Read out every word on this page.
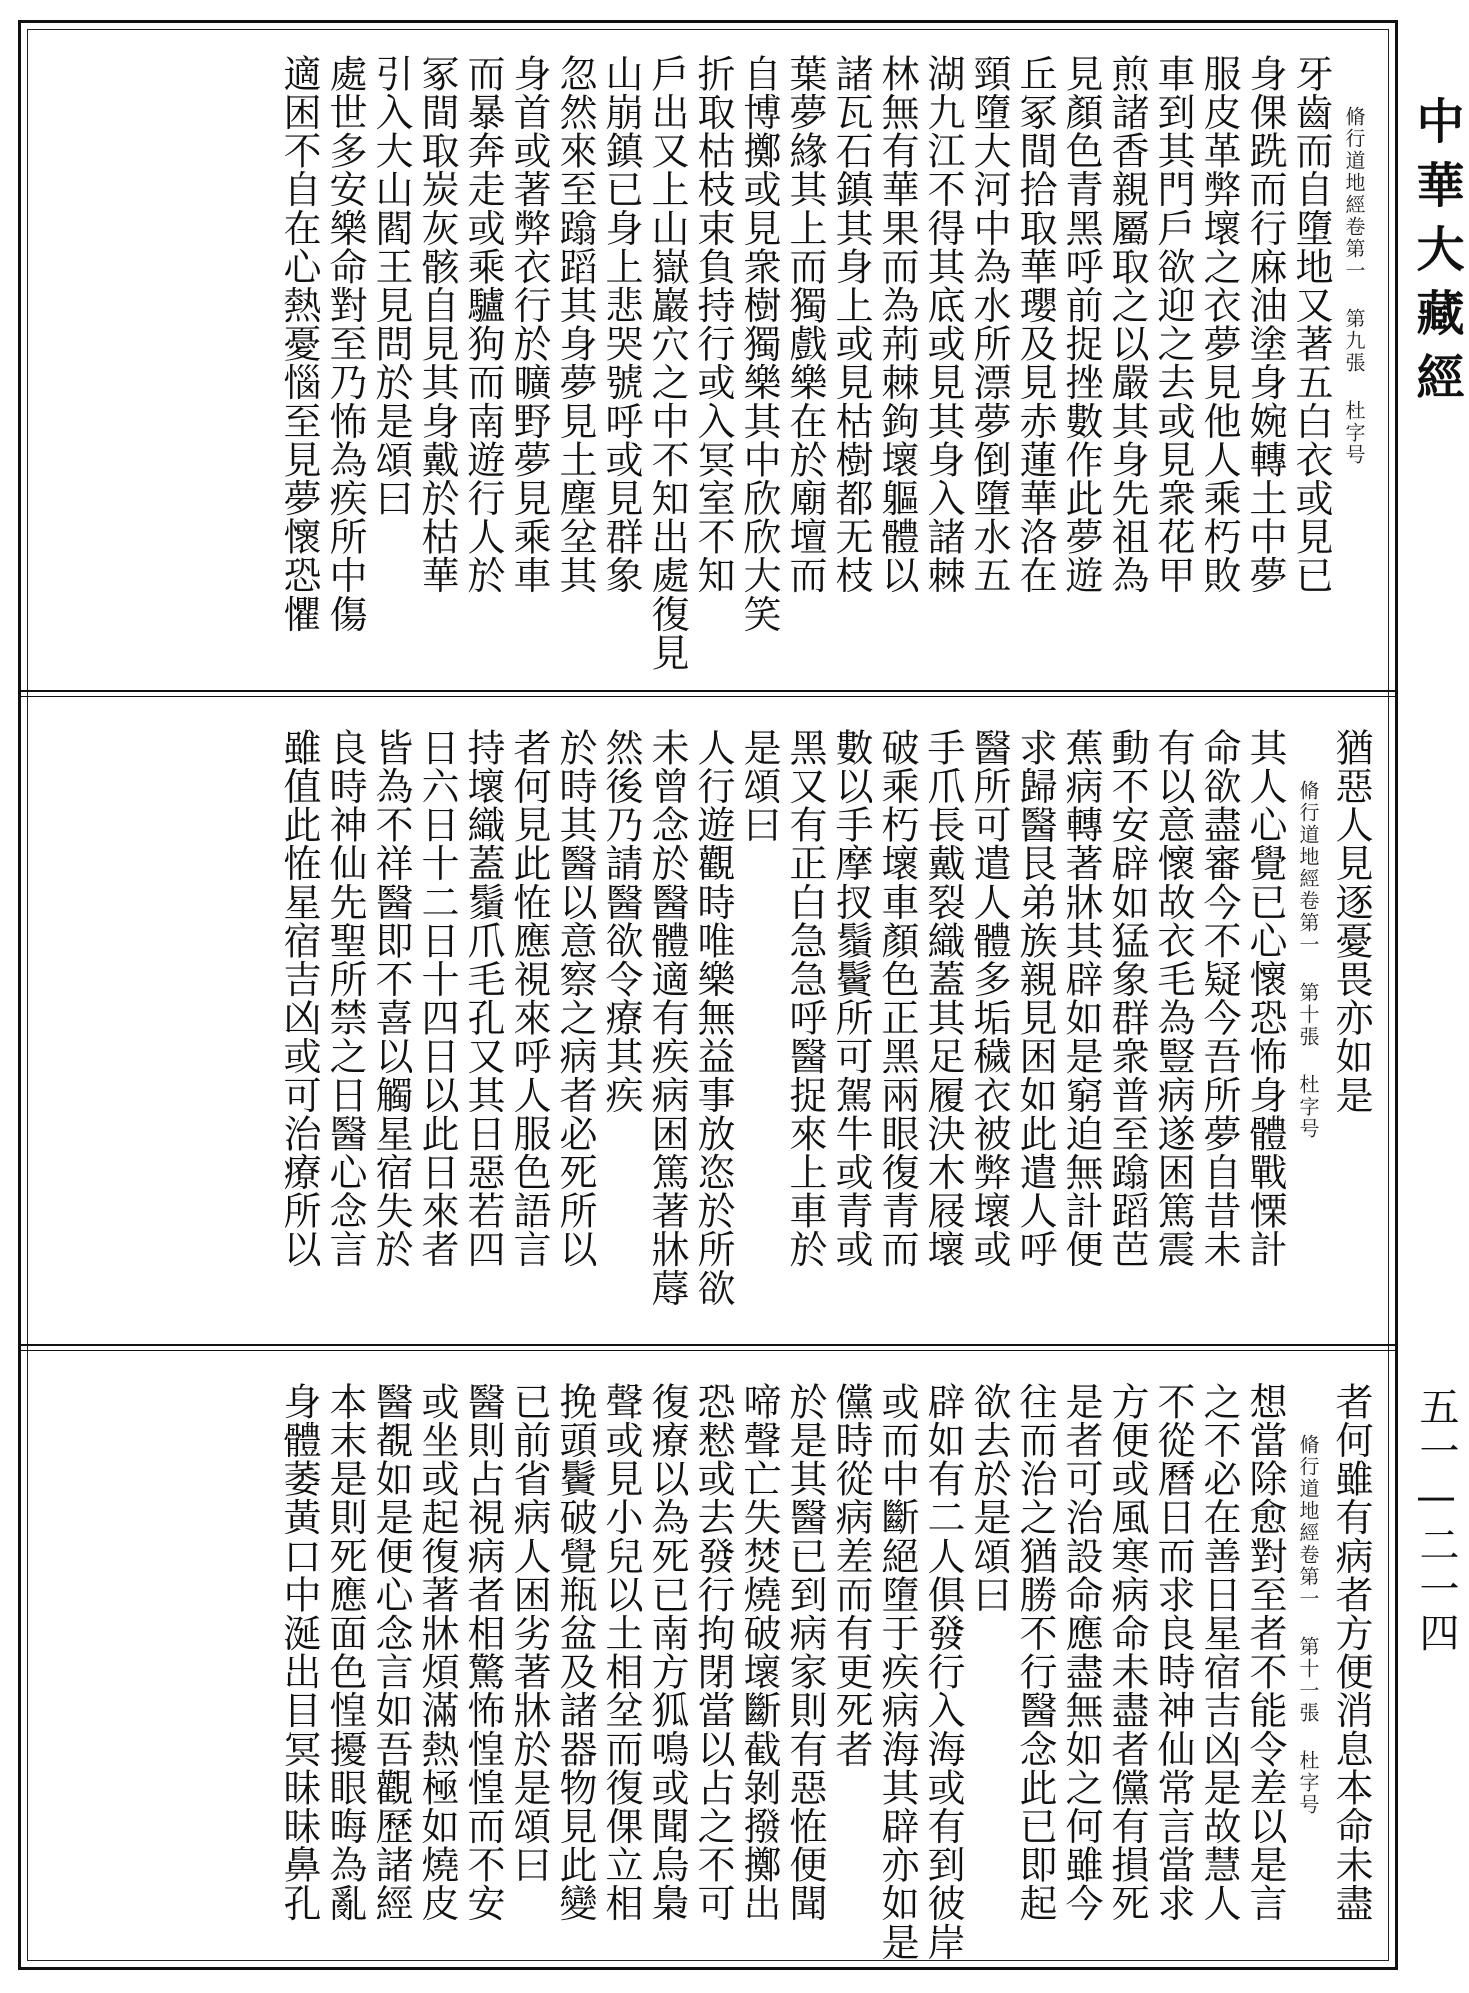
脩行道地經卷第一 第九張 杜字号
牙齒而自墮地又著五白衣或見已
身倮跣而行麻油塗身婉轉土中夢
服皮革弊壞之衣夢見他人乘朽敗
車到其門戶欲迎之去或見衆花甲
煎諸香親屬取之以嚴其身先祖為
見顏色青黑呼前捉挫數作此夢遊
丘冢間拾取華瓔及見赤蓮華洛在
頸墮大河中為水所漂夢倒墮水五
湖九江不得其底或見其身入諸棘
林無有華果而為荊棘鉤壞軀體以
諸瓦石鎮其身上或見枯樹都无枝
葉夢緣其上而獨戲樂在於廟壇而
自博擲或見衆樹獨樂其中欣欣大笑
折取枯枝束負持行或入冥室不知
戶出又上山嶽巖穴之中不知出處復見
山崩鎮已身上悲哭號呼或見群象
忽然來至蹹蹈其身夢見土塵坌其
身首或著弊衣行於曠野夢見乘車
而暴奔走或乘驢狗而南遊行人於
冢間取炭灰骸自見其身戴於枯華
引入大山閻王見問於是頌曰
處世多安樂命對至乃怖為疾所中傷
適困不自在心熱憂惱至見夢懷恐懼
猶惡人見逐憂畏亦如是
脩行道地經卷第一 第十張 杜字号
其人心覺已心懷恐怖身體戰慄計
命欲盡審今不疑今吾所夢自昔未
有以意懷故衣毛為豎病遂困篤震
動不安辟如猛象群衆普至蹹蹈芭
蕉病轉著牀其辟如是窮迫無計便
求歸醫艮弟族親見困如此遣人呼
醫所可遣人體多垢穢衣被弊壞或
手爪長戴裂織蓋其足履決木屐壞
破乘朽壞車顏色正黑兩眼復青而
數以手摩扠鬚鬢所可駕牛或青或
黑又有正白急急呼醫捉來上車於
是頌曰
人行遊觀時唯樂無益事放恣於所欲
未曾念於醫體適有疾病困篤著牀蓐
然後乃請醫欲令療其疾
於時其醫以意察之病者必死所以
者何見此恠應視來呼人服色語言
持壞織蓋鬚爪毛孔又其日惡若四
日六日十二日十四日以此日來者
皆為不祥醫即不喜以觸星宿失於
良時神仙先聖所禁之日醫心念言
雖值此恠星宿吉凶或可治療所以
者何雖有病者方便消息本命未盡
脩行道地經卷第一 第十一張 杜字号
想當除愈對至者不能令差以是言
之不必在善日星宿吉凶是故慧人
不從曆日而求良時神仙常言當求
方便或風寒病命未盡者儻有損死
是者可治設命應盡無如之何雖今
往而治之猶勝不行醫念此已即起
欲去於是頌曰
辟如有二人俱發行入海或有到彼岸
或而中斷絕墮于疾病海其辟亦如是
儻時從病差而有更死者
於是其醫已到病家則有惡恠便聞
啼聲亡失焚燒破壞斷截剝撥擲出
恐慭或去發行拘閉當以占之不可
復療以為死已南方狐鳴或聞烏梟
聲或見小兒以土相坌而復倮立相
挽頭鬢破覺瓶盆及諸器物見此變
已前省病人困劣著牀於是頌曰
醫則占視病者相驚怖惶惶而不安
或坐或起復著牀煩滿熱極如燒皮
醫覩如是便心念言如吾觀歷諸經
本末是則死應面色惶擾眼晦為亂
身體萎黃口中涎出目冥昧昧鼻孔
中華大藏經
五一—二一四
